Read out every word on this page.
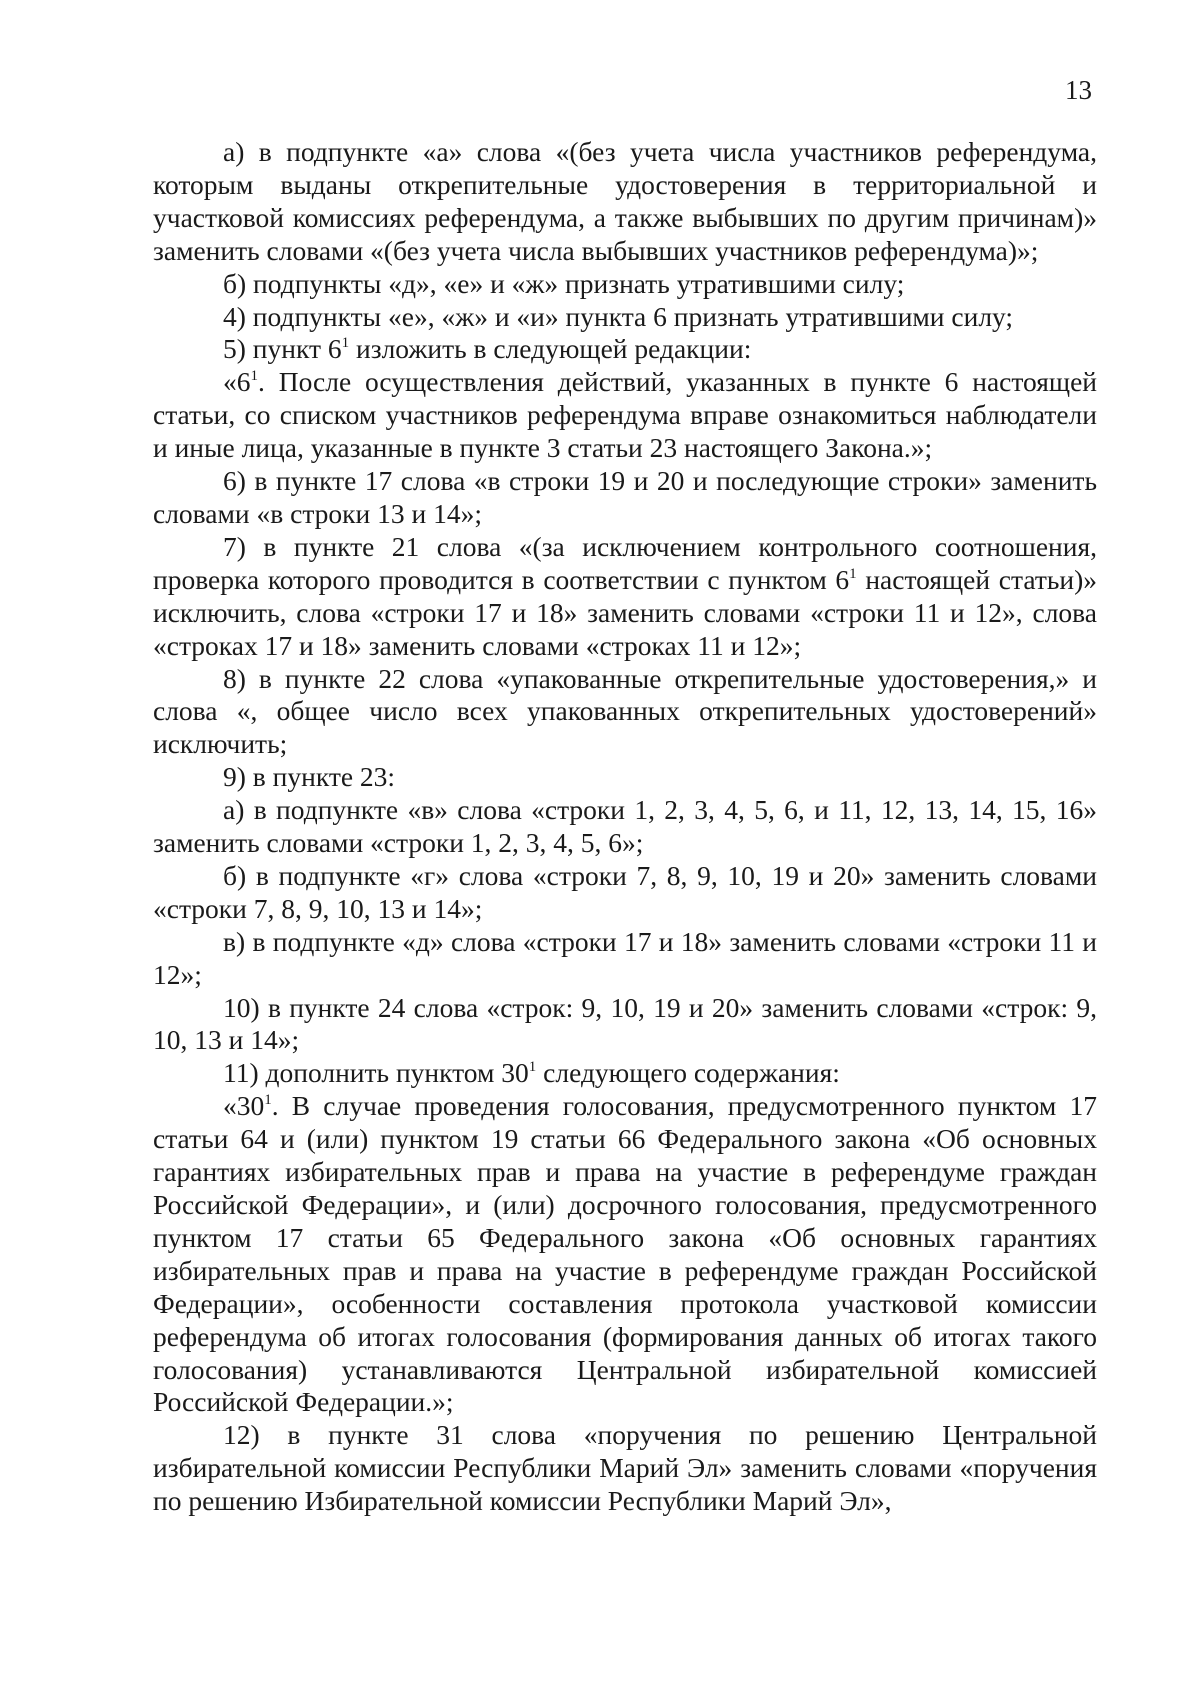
13

а) в подпункте «а» слова «(без учета числа участников референдума, которым выданы открепительные удостоверения в территориальной и участковой комиссиях референдума, а также выбывших по другим причинам)» заменить словами «(без учета числа выбывших участников референдума)»;

б) подпункты «д», «е» и «ж» признать утратившими силу;

4) подпункты «е», «ж» и «и» пункта 6 признать утратившими силу;

5) пункт $6^1$ изложить в следующей редакции:

«$6^1$. После осуществления действий, указанных в пункте 6 настоящей статьи, со списком участников референдума вправе ознакомиться наблюдатели и иные лица, указанные в пункте 3 статьи 23 настоящего Закона.»;

6) в пункте 17 слова «в строки 19 и 20 и последующие строки» заменить словами «в строки 13 и 14»;

7) в пункте 21 слова «(за исключением контрольного соотношения, проверка которого проводится в соответствии с пунктом $6^1$ настоящей статьи)» исключить, слова «строки 17 и 18» заменить словами «строки 11 и 12», слова «строках 17 и 18» заменить словами «строках 11 и 12»;

8) в пункте 22 слова «упакованные открепительные удостоверения,» и слова «, общее число всех упакованных открепительных удостоверений» исключить;

9) в пункте 23:

а) в подпункте «в» слова «строки 1, 2, 3, 4, 5, 6, и 11, 12, 13, 14, 15, 16» заменить словами «строки 1, 2, 3, 4, 5, 6»;

б) в подпункте «г» слова «строки 7, 8, 9, 10, 19 и 20» заменить словами «строки 7, 8, 9, 10, 13 и 14»;

в) в подпункте «д» слова «строки 17 и 18» заменить словами «строки 11 и 12»;

10) в пункте 24 слова «строк: 9, 10, 19 и 20» заменить словами «строк: 9, 10, 13 и 14»;

11) дополнить пунктом $30^1$ следующего содержания:

«$30^1$. В случае проведения голосования, предусмотренного пунктом 17 статьи 64 и (или) пунктом 19 статьи 66 Федерального закона «Об основных гарантиях избирательных прав и права на участие в референдуме граждан Российской Федерации», и (или) досрочного голосования, предусмотренного пунктом 17 статьи 65 Федерального закона «Об основных гарантиях избирательных прав и права на участие в референдуме граждан Российской Федерации», особенности составления протокола участковой комиссии референдума об итогах голосования (формирования данных об итогах такого голосования) устанавливаются Центральной избирательной комиссией Российской Федерации.»;

12) в пункте 31 слова «поручения по решению Центральной избирательной комиссии Республики Марий Эл» заменить словами «поручения по решению Избирательной комиссии Республики Марий Эл»,
